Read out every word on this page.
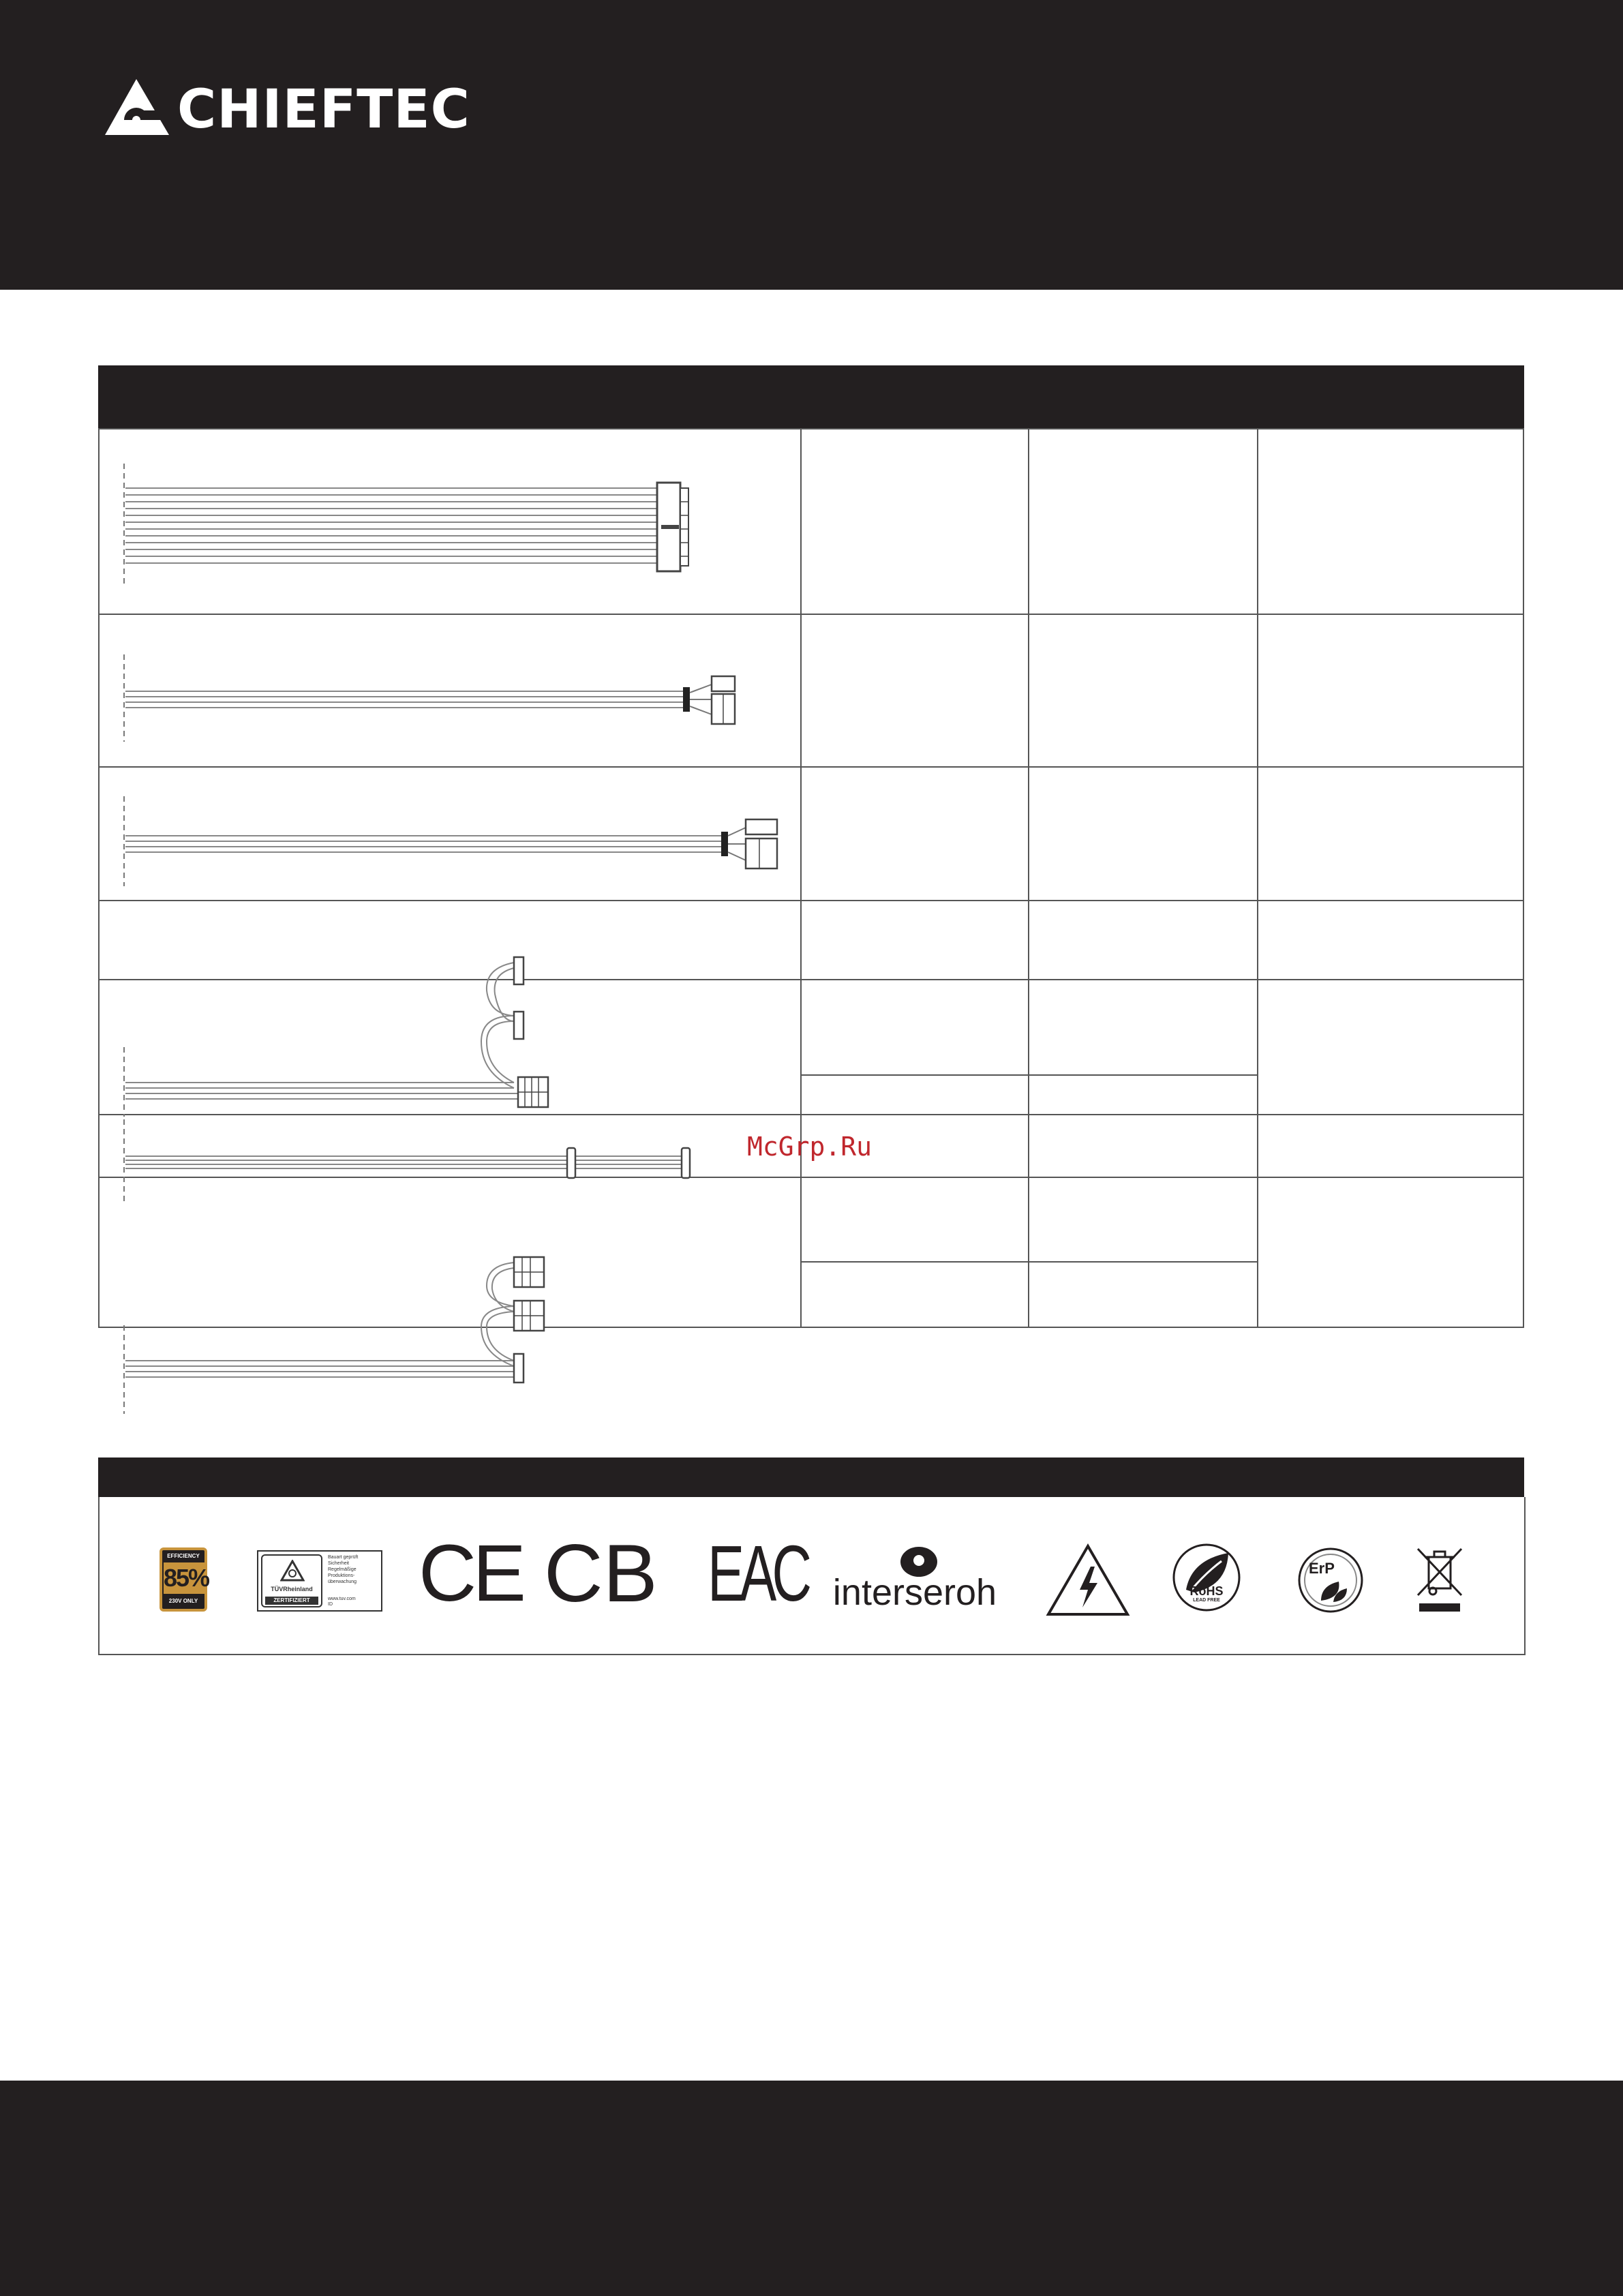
CHIEFTEC
McGrp.Ru
EFFICIENCY
85%
230V ONLY
TÜVRheinland
ZERTIFIZIERT
Bauart geprüft
Sicherheit
Regelmäßige
Produktions-
überwachung
www.tuv.com
ID CE CB EAC interseroh	RoHS
LEAD FREE
ErP
